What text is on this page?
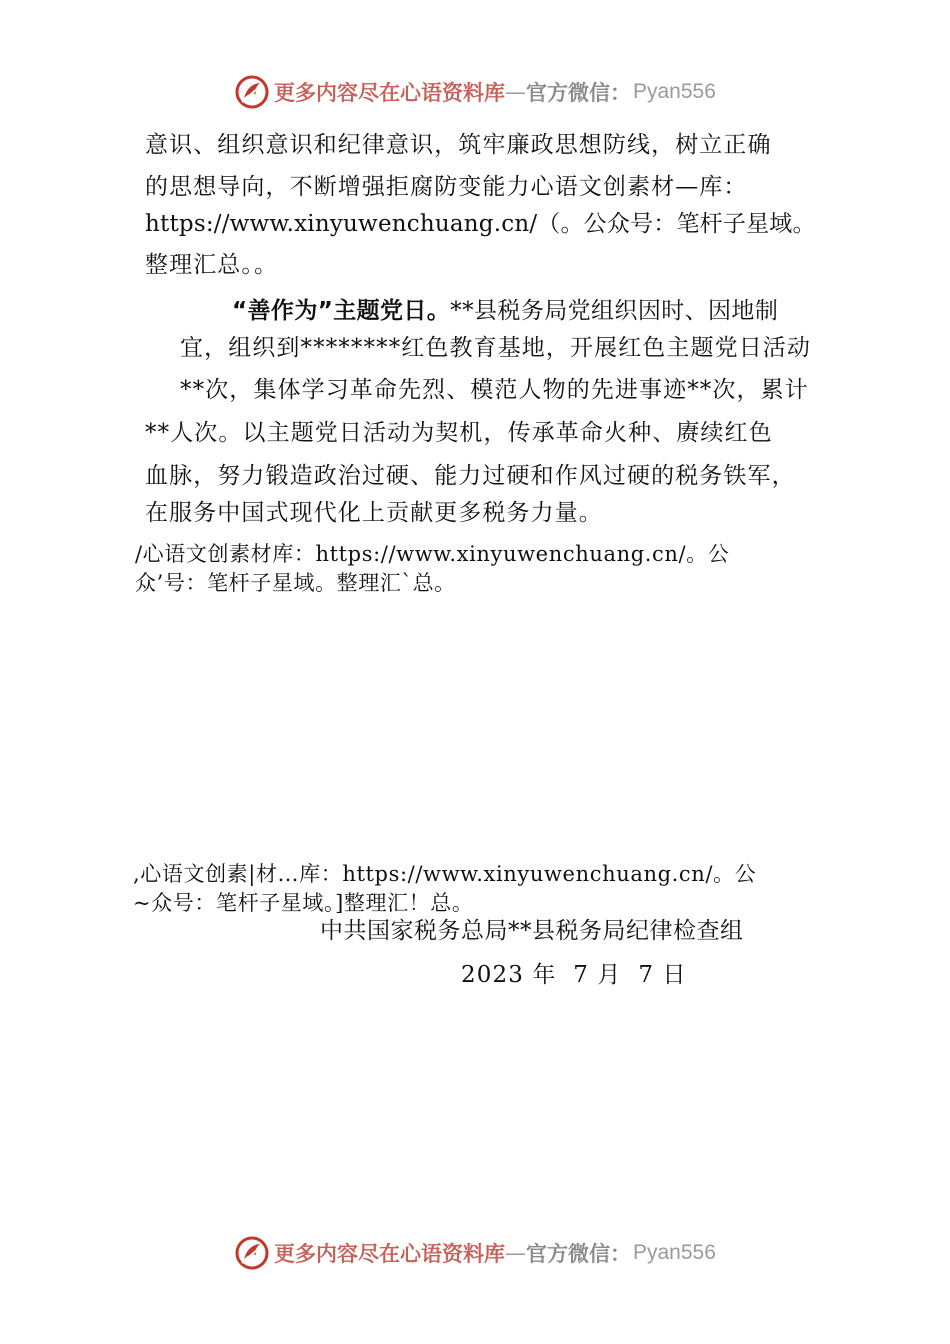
更多内容尽在心语资料库 — 官方微信： Pyan556
意识、组织意识和纪律意识，筑牢廉政思想防线，树立正确
的思想导向，不断增强拒腐防变能力心语文创素材—库：
https://www.xinyuwenchuang.cn/（。公众号：笔杆子星域。
整理汇总。。
“善作为”主题党日。**县税务局党组织因时、因地制
宜，组织到********红色教育基地，开展红色主题党日活动
**次，集体学习革命先烈、模范人物的先进事迹**次，累计
**人次。以主题党日活动为契机，传承革命火种、赓续红色
血脉，努力锻造政治过硬、能力过硬和作风过硬的税务铁军，
在服务中国式现代化上贡献更多税务力量。
/心语文创素材库：https://www.xinyuwenchuang.cn/。公
众’号：笔杆子星域。整理汇`总。
,心语文创素|材…库：https://www.xinyuwenchuang.cn/。公
~众号：笔杆子星域。]整理汇！总。
中共国家税务总局**县税务局纪律检查组
2023 年  7 月  7 日
更多内容尽在心语资料库 — 官方微信： Pyan556
